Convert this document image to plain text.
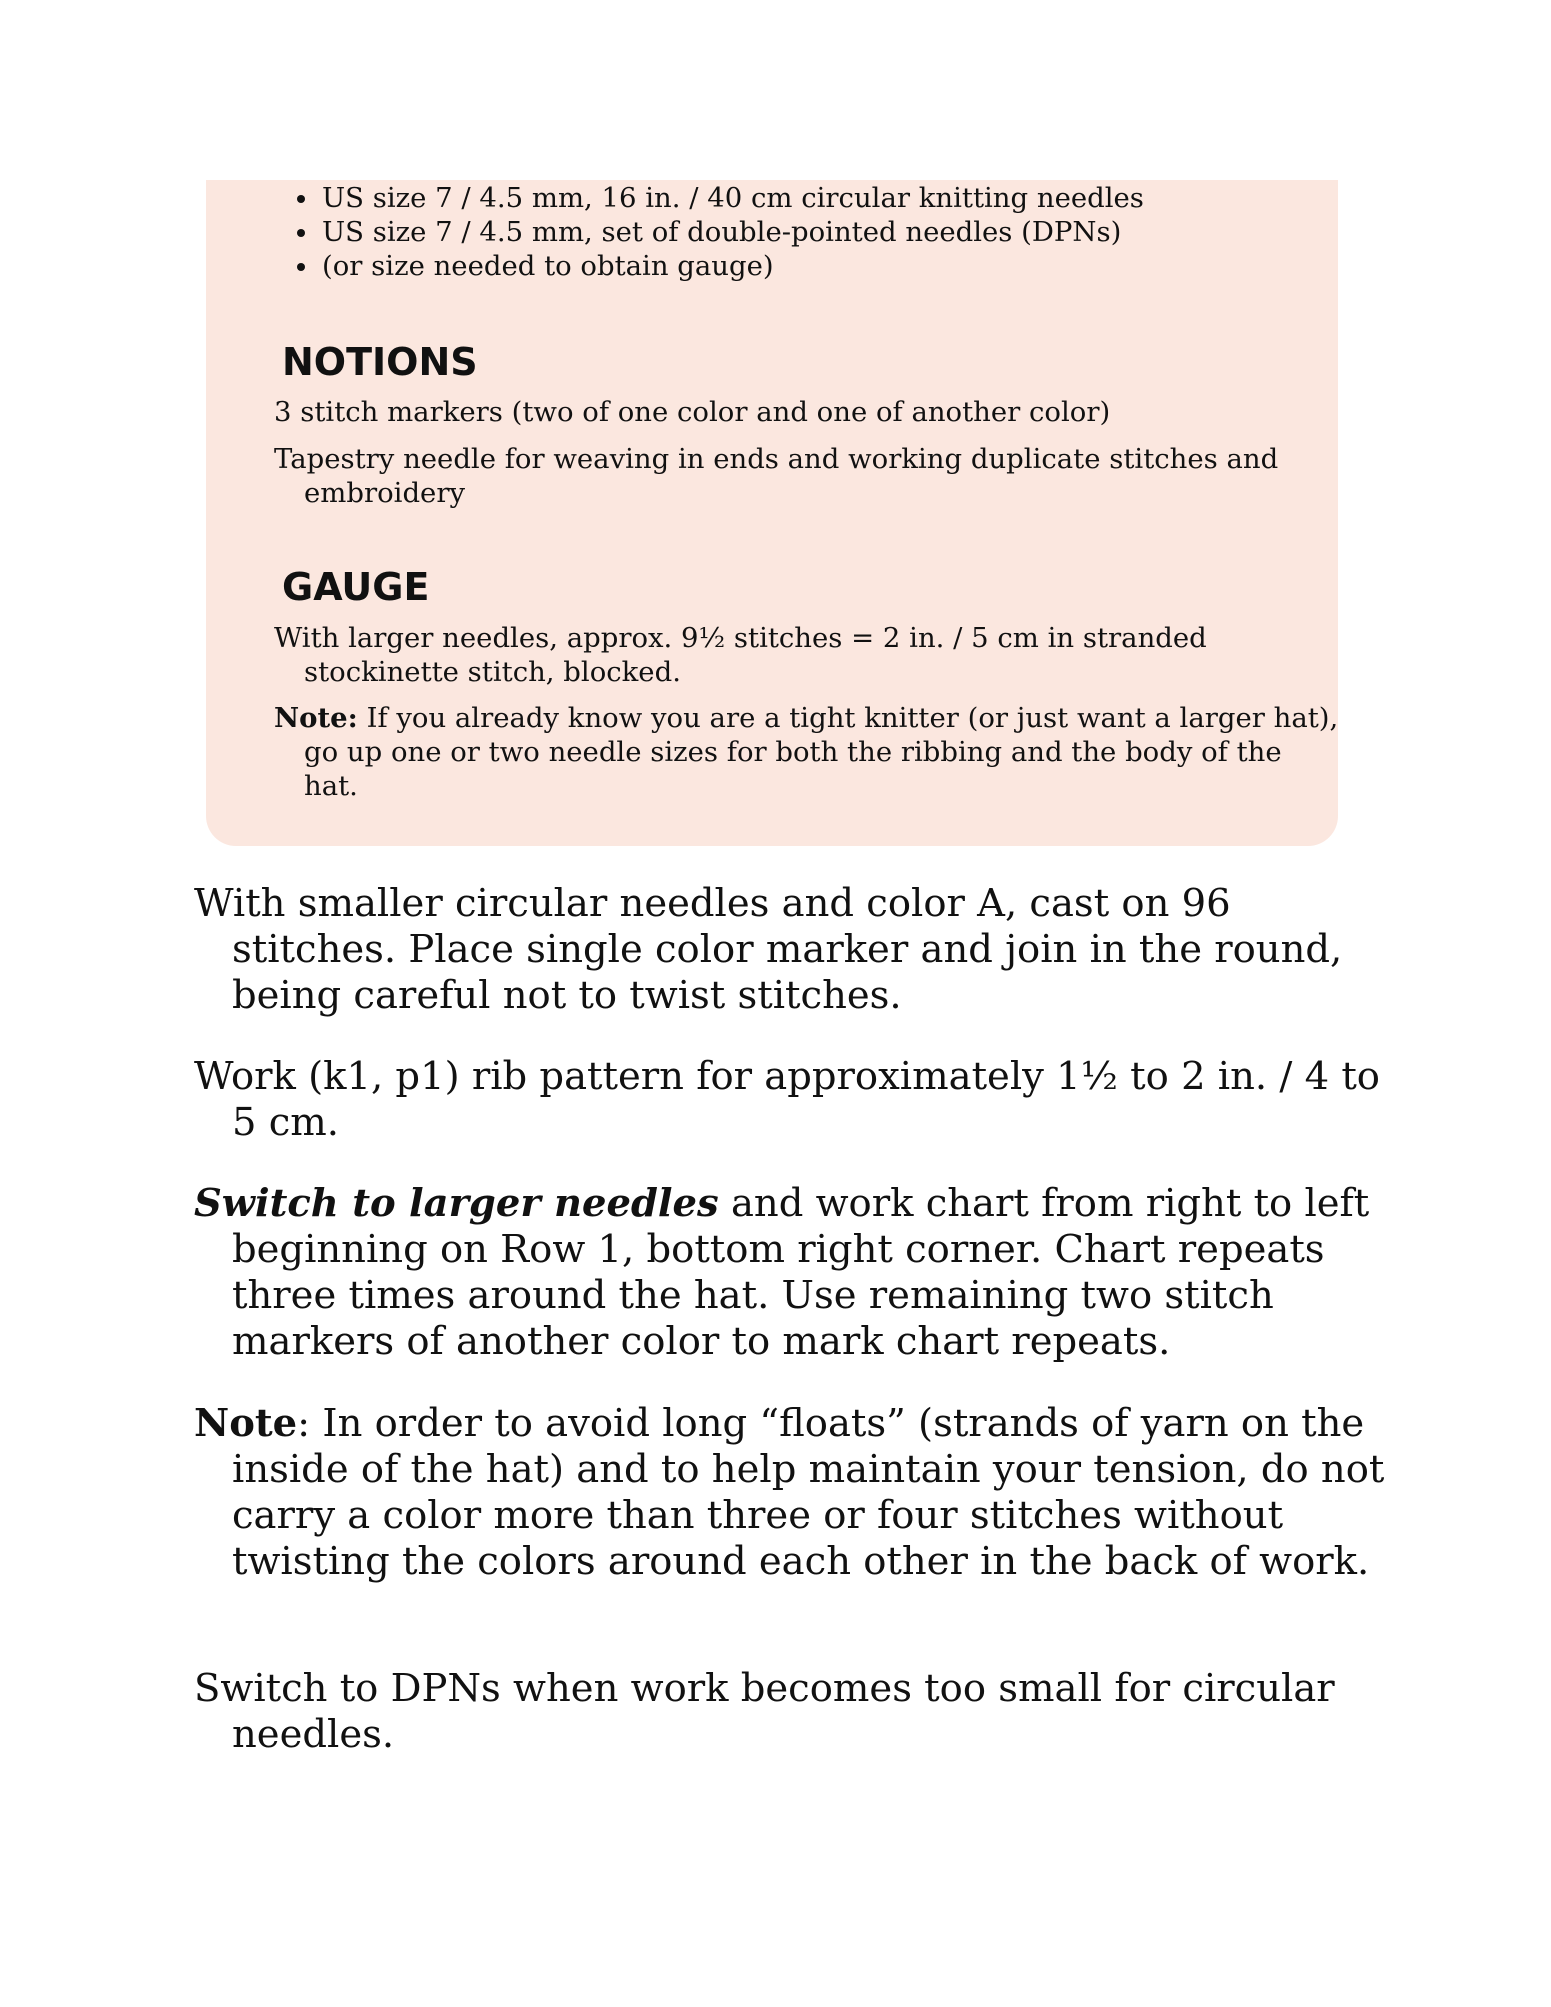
• US size 7 / 4.5 mm, 16 in. / 40 cm circular knitting needles
• US size 7 / 4.5 mm, set of double-pointed needles (DPNs)
• (or size needed to obtain gauge)
NOTIONS

3 stitch markers (two of one color and one of another color)

Tapestry needle for weaving in ends and working duplicate stitches and embroidery

GAUGE

With larger needles, approx. 9½ stitches = 2 in. / 5 cm in stranded stockinette stitch, blocked.

Note: If you already know you are a tight knitter (or just want a larger hat), go up one or two needle sizes for both the ribbing and the body of the hat.

With smaller circular needles and color A, cast on 96 stitches. Place single color marker and join in the round, being careful not to twist stitches.

Work (k1, p1) rib pattern for approximately 1½ to 2 in. / 4 to 5 cm.

Switch to larger needles and work chart from right to left beginning on Row 1, bottom right corner. Chart repeats three times around the hat. Use remaining two stitch markers of another color to mark chart repeats.

Note: In order to avoid long “floats” (strands of yarn on the inside of the hat) and to help maintain your tension, do not carry a color more than three or four stitches without twisting the colors around each other in the back of work.

Switch to DPNs when work becomes too small for circular needles.
